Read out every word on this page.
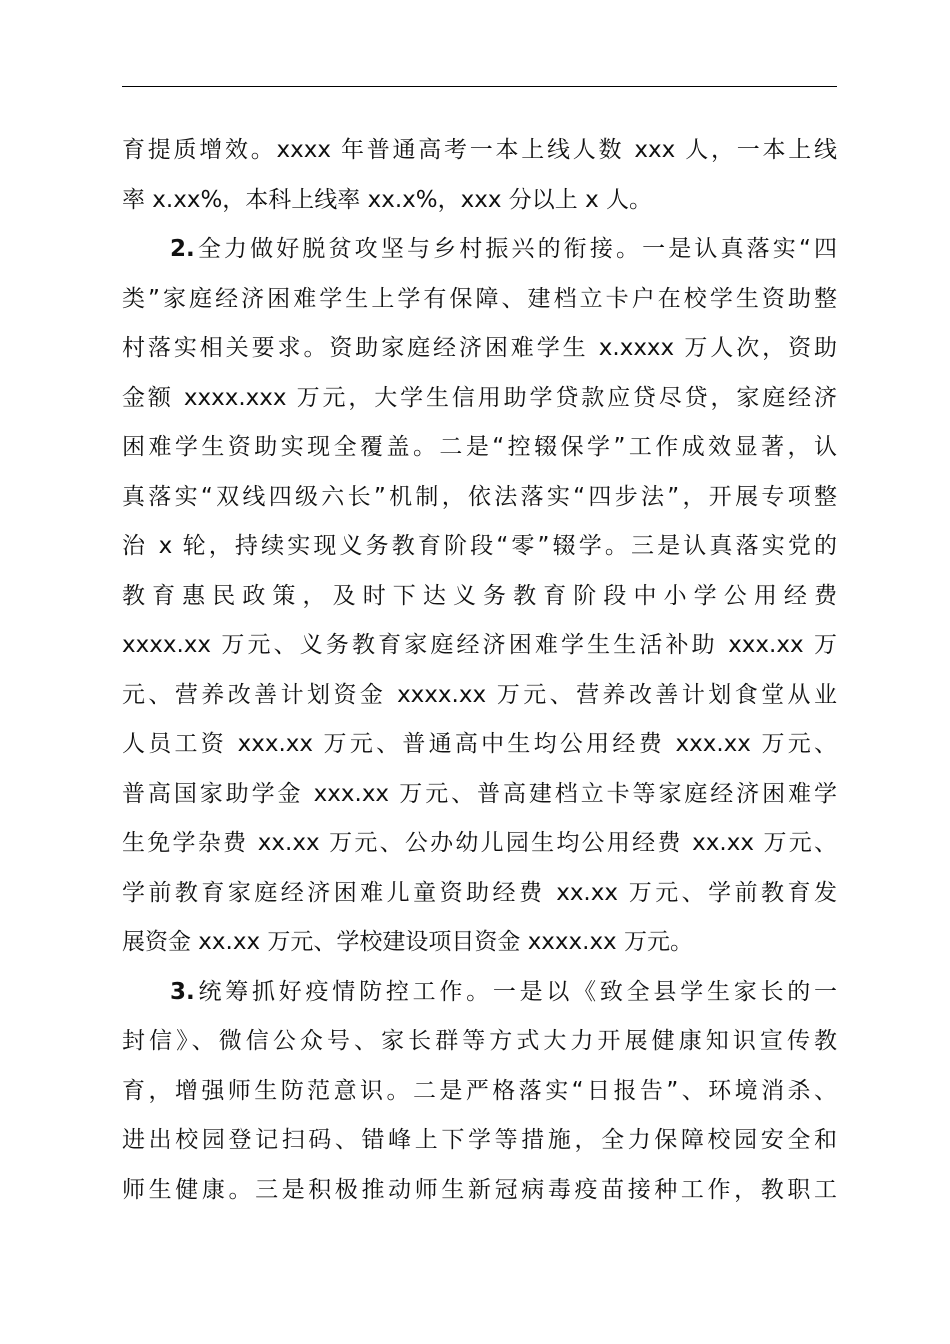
育提质增效。xxxx 年普通高考一本上线人数 xxx 人，一本上线
率 x.xx%，本科上线率 xx.x%，xxx 分以上 x 人。
2.全力做好脱贫攻坚与乡村振兴的衔接。一是认真落实“四
类”家庭经济困难学生上学有保障、建档立卡户在校学生资助整
村落实相关要求。资助家庭经济困难学生 x.xxxx 万人次，资助
金额 xxxx.xxx 万元，大学生信用助学贷款应贷尽贷，家庭经济
困难学生资助实现全覆盖。二是“控辍保学”工作成效显著，认
真落实“双线四级六长”机制，依法落实“四步法”，开展专项整
治 x 轮，持续实现义务教育阶段“零”辍学。三是认真落实党的
教育惠民政策，及时下达义务教育阶段中小学公用经费
xxxx.xx 万元、义务教育家庭经济困难学生生活补助 xxx.xx 万
元、营养改善计划资金 xxxx.xx 万元、营养改善计划食堂从业
人员工资 xxx.xx 万元、普通高中生均公用经费 xxx.xx 万元、
普高国家助学金 xxx.xx 万元、普高建档立卡等家庭经济困难学
生免学杂费 xx.xx 万元、公办幼儿园生均公用经费 xx.xx 万元、
学前教育家庭经济困难儿童资助经费 xx.xx 万元、学前教育发
展资金 xx.xx 万元、学校建设项目资金 xxxx.xx 万元。
3.统筹抓好疫情防控工作。一是以《致全县学生家长的一
封信》、微信公众号、家长群等方式大力开展健康知识宣传教
育，增强师生防范意识。二是严格落实“日报告”、环境消杀、
进出校园登记扫码、错峰上下学等措施，全力保障校园安全和
师生健康。三是积极推动师生新冠病毒疫苗接种工作，教职工
